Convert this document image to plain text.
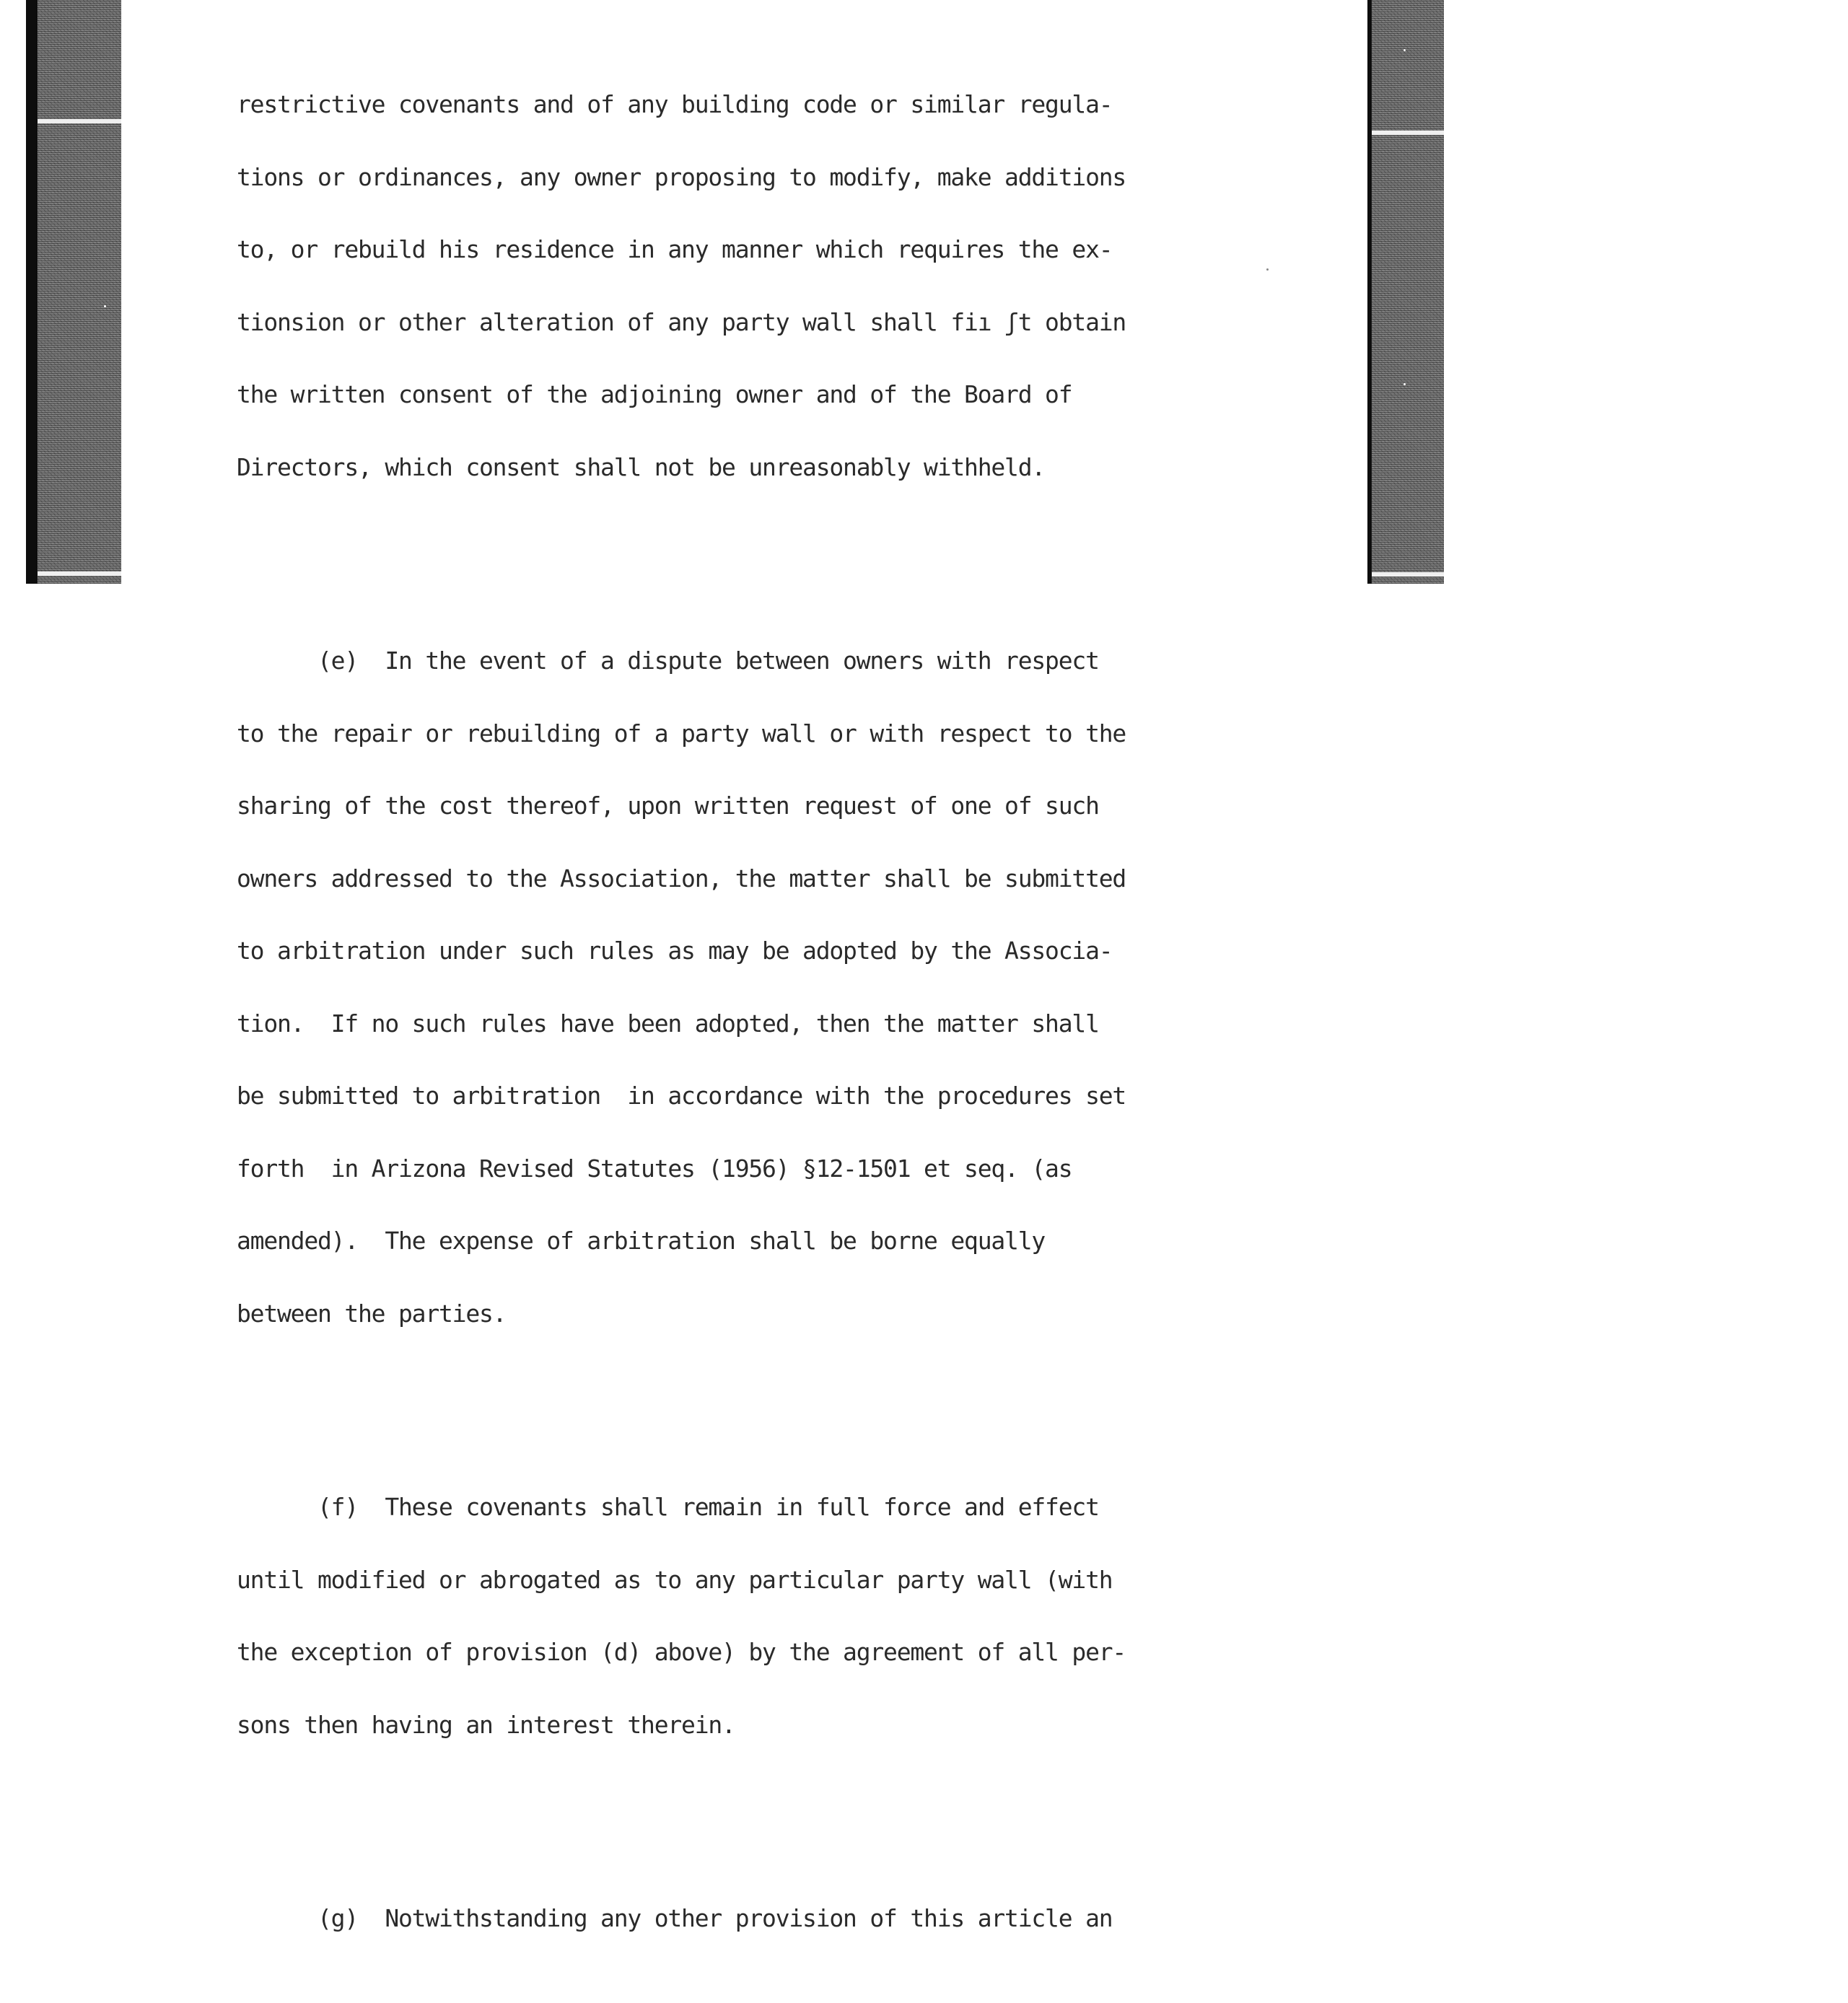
restrictive covenants and of any building code or similar regula-

tions or ordinances, any owner proposing to modify, make additions

to, or rebuild his residence in any manner which requires the ex-

tionsion or other alteration of any party wall shall fiı ʃt obtain

the written consent of the adjoining owner and of the Board of

Directors, which consent shall not be unreasonably withheld.

(e)  In the event of a dispute between owners with respect

to the repair or rebuilding of a party wall or with respect to the

sharing of the cost thereof, upon written request of one of such

owners addressed to the Association, the matter shall be submitted

to arbitration under such rules as may be adopted by the Associa-

tion.  If no such rules have been adopted, then the matter shall

be submitted to arbitration  in accordance with the procedures set

forth  in Arizona Revised Statutes (1956) §12-1501 et seq. (as

amended).  The expense of arbitration shall be borne equally

between the parties.

(f)  These covenants shall remain in full force and effect

until modified or abrogated as to any particular party wall (with

the exception of provision (d) above) by the agreement of all per-

sons then having an interest therein.

(g)  Notwithstanding any other provision of this article an
